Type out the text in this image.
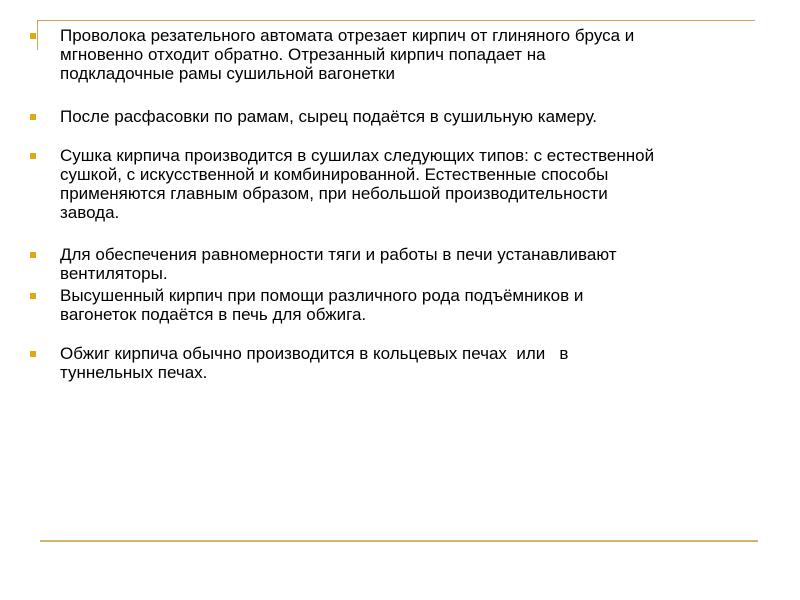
Проволока резательного автомата отрезает кирпич от глиняного бруса и
мгновенно отходит обратно. Отрезанный кирпич попадает на
подкладочные рамы сушильной вагонетки
После расфасовки по рамам, сырец подаётся в сушильную камеру.
Сушка кирпича производится в сушилах следующих типов: с естественной
сушкой, с искусственной и комбинированной. Естественные способы
применяются главным образом, при небольшой производительности
завода.
Для обеспечения равномерности тяги и работы в печи устанавливают
вентиляторы.
Высушенный кирпич при помощи различного рода подъёмников и
вагонеток подаётся в печь для обжига.
Обжиг кирпича обычно производится в кольцевых печах  или   в
туннельных печах.
